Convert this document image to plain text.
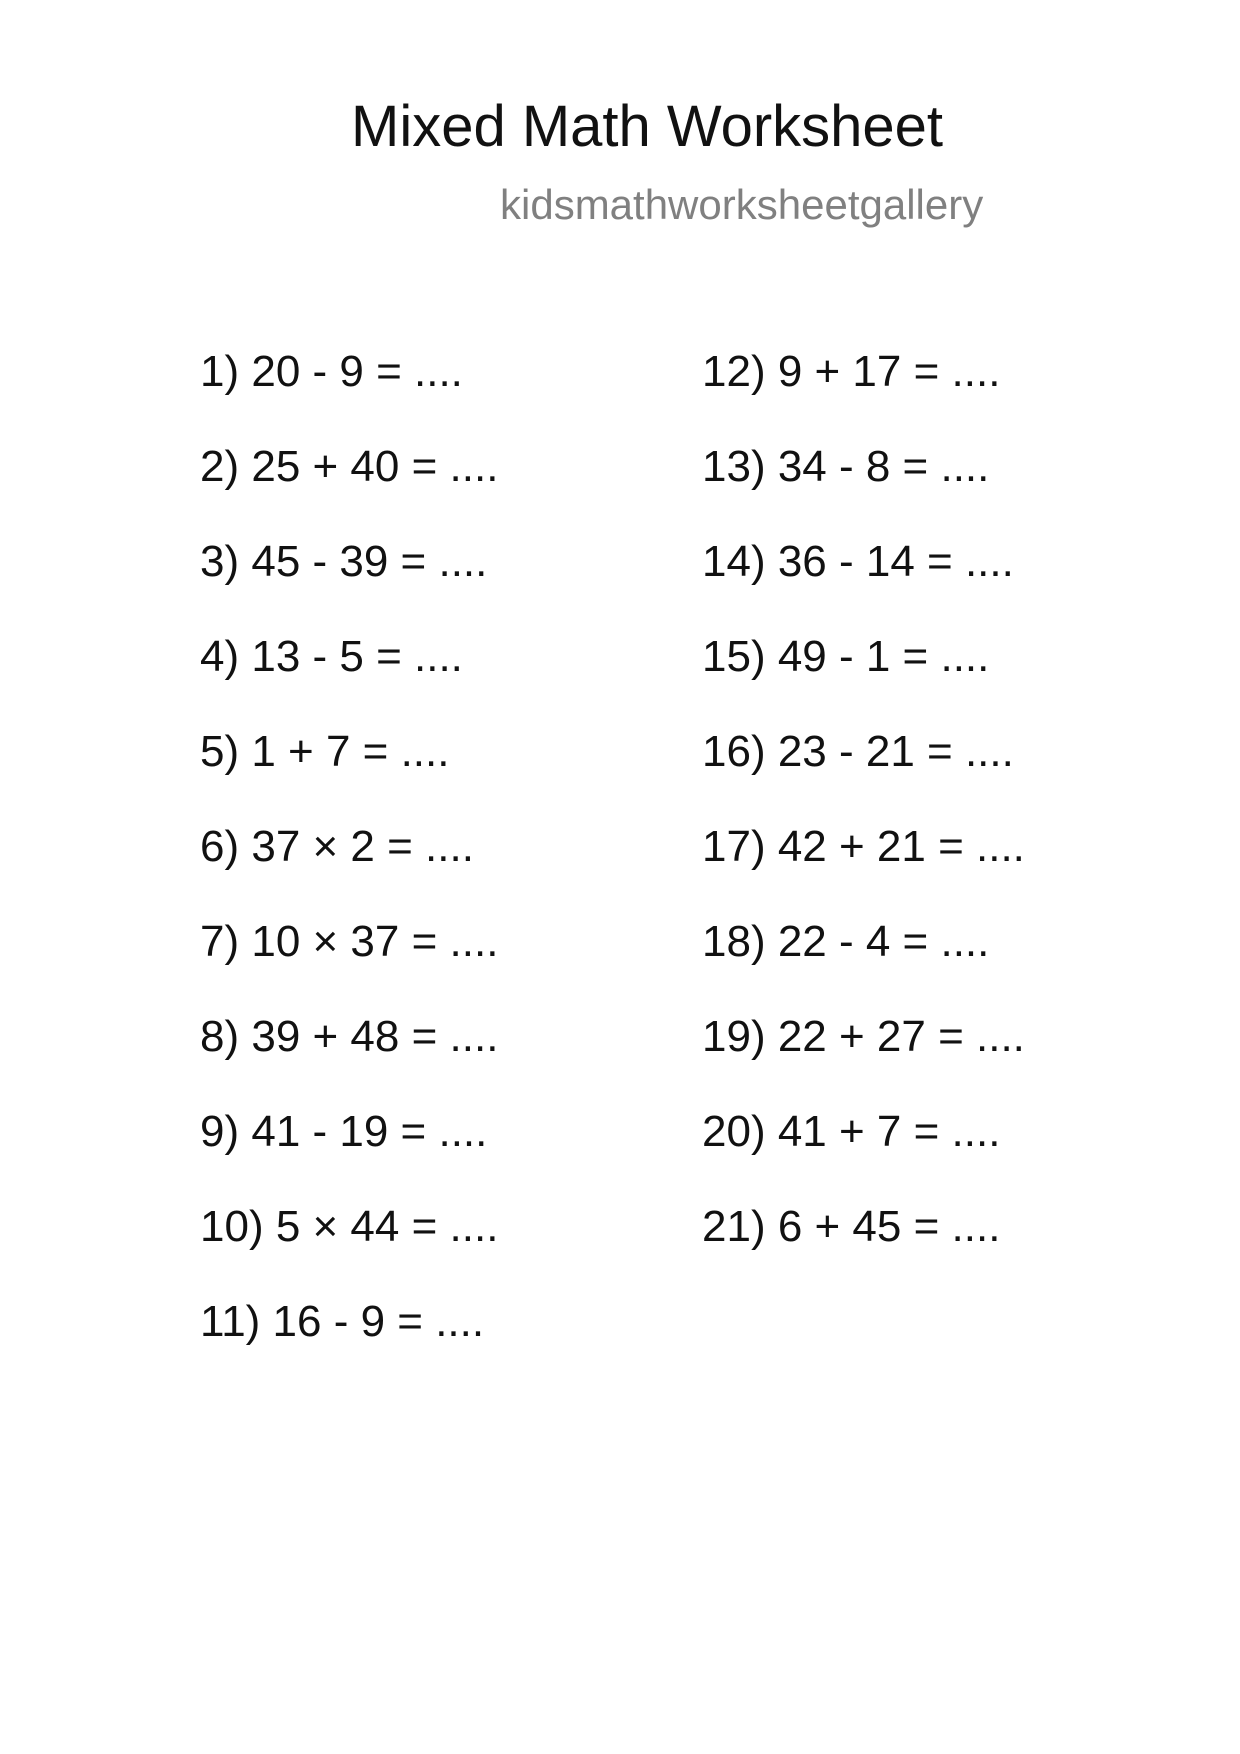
Mixed Math Worksheet
kidsmathworksheetgallery
1) 20 - 9 = ....
2) 25 + 40 = ....
3) 45 - 39 = ....
4) 13 - 5 = ....
5) 1 + 7 = ....
6) 37 × 2 = ....
7) 10 × 37 = ....
8) 39 + 48 = ....
9) 41 - 19 = ....
10) 5 × 44 = ....
11) 16 - 9 = ....
12) 9 + 17 = ....
13) 34 - 8 = ....
14) 36 - 14 = ....
15) 49 - 1 = ....
16) 23 - 21 = ....
17) 42 + 21 = ....
18) 22 - 4 = ....
19) 22 + 27 = ....
20) 41 + 7 = ....
21) 6 + 45 = ....
